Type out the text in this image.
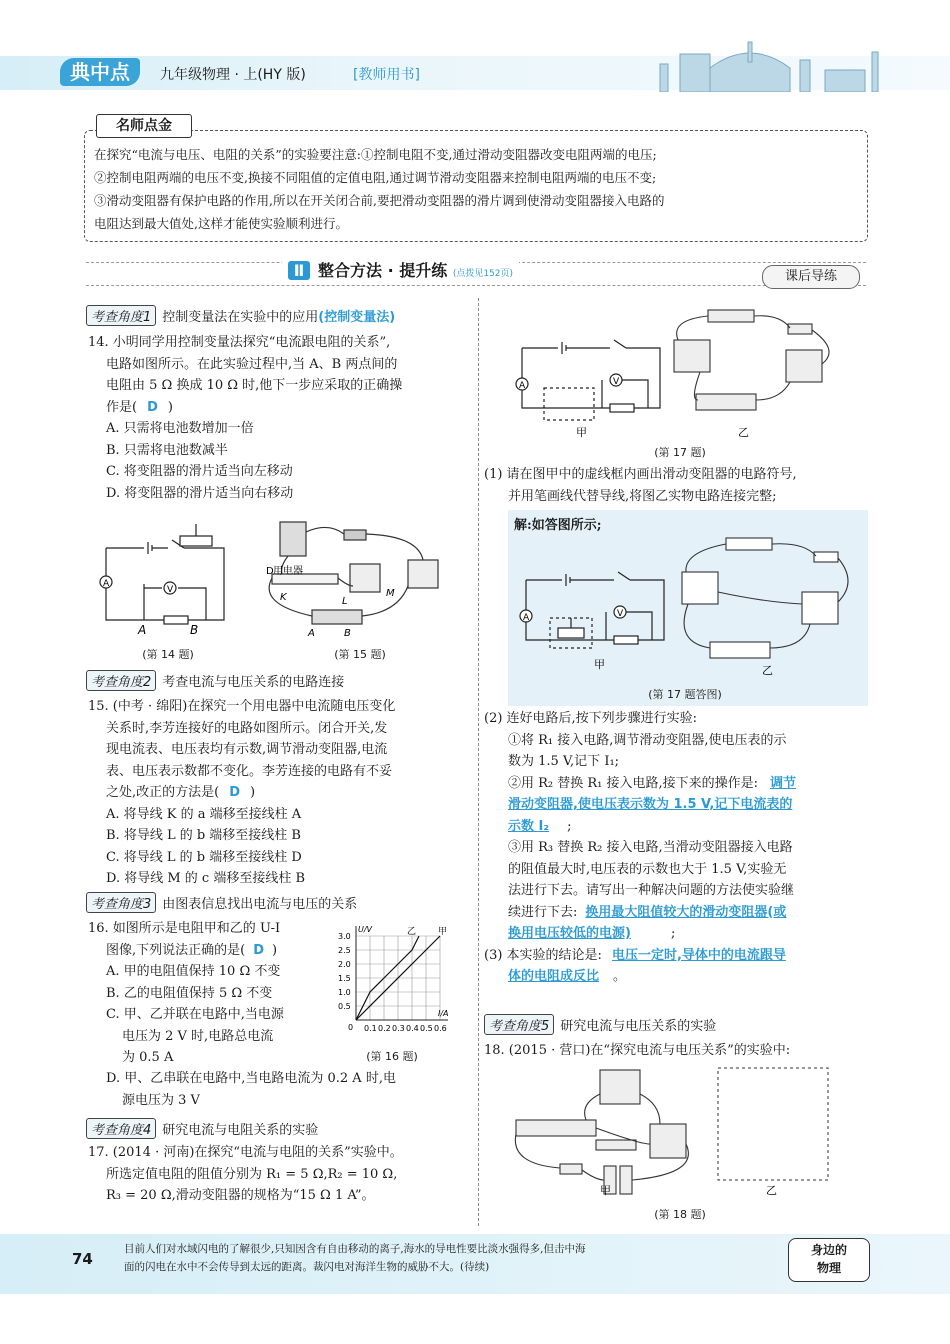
典中点	九年级物理 · 上(HY 版)	[教师用书]
名师点金
在探究“电流与电压、电阻的关系”的实验要注意:①控制电阻不变,通过滑动变阻器改变电阻两端的电压;
②控制电阻两端的电压不变,换接不同阻值的定值电阻,通过调节滑动变阻器来控制电阻两端的电压不变;
③滑动变阻器有保护电路的作用,所以在开关闭合前,要把滑动变阻器的滑片调到使滑动变阻器接入电路的
电阻达到最大值处,这样才能使实验顺利进行。
Ⅱ 整合方法 · 提升练 (点拨见152页)	课后导练
考查角度1 控制变量法在实验中的应用(控制变量法)
14. 小明同学用控制变量法探究“电流跟电阻的关系”,
电路如图所示。在此实验过程中,当 A、B 两点间的
电阻由 5 Ω 换成 10 Ω 时,他下一步应采取的正确操
作是( D )
A. 只需将电池数增加一倍
B. 只需将电池数减半
C. 将变阻器的滑片适当向左移动
D. 将变阻器的滑片适当向右移动
A
V
A	B
(第 14 题)
D 用电器
K	L
M
A	B
(第 15 题)
考查角度2 考查电流与电压关系的电路连接
15. (中考 · 绵阳)在探究一个用电器中电流随电压变化
关系时,李芳连接好的电路如图所示。闭合开关,发
现电流表、电压表均有示数,调节滑动变阻器,电流
表、电压表示数都不变化。李芳连接的电路有不妥
之处,改正的方法是( D )
A. 将导线 K 的 a 端移至接线柱 A
B. 将导线 L 的 b 端移至接线柱 B
C. 将导线 L 的 b 端移至接线柱 D
D. 将导线 M 的 c 端移至接线柱 B
考查角度3 由图表信息找出电流与电压的关系
16. 如图所示是电阻甲和乙的 U-I
图像,下列说法正确的是( D )
A. 甲的电阻值保持 10 Ω 不变
B. 乙的电阻值保持 5 Ω 不变
C. 甲、乙并联在电路中,当电源
电压为 2 V 时,电路总电流
为 0.5 A
D. 甲、乙串联在电路中,当电路电流为 0.2 A 时,电
源电压为 3 V
0.1 0.2 0.3 0.4 0.5 0.6
0.5
1.0
1.5
2.0
2.5
3.0
0
I/A
U/V	甲
乙
(第 16 题)
考查角度4 研究电流与电阻关系的实验
17. (2014 · 河南)在探究“电流与电阻的关系”实验中。
所选定值电阻的阻值分别为 R₁ = 5 Ω,R₂ = 10 Ω,
R₃ = 20 Ω,滑动变阻器的规格为“15 Ω 1 A”。
A	V
甲	乙
(第 17 题)
(1) 请在图甲中的虚线框内画出滑动变阻器的电路符号,
并用笔画线代替导线,将图乙实物电路连接完整;
解:如答图所示;
A	V
甲	乙
(第 17 题答图)
(2) 连好电路后,按下列步骤进行实验:
①将 R₁ 接入电路,调节滑动变阻器,使电压表的示
数为 1.5 V,记下 I₁;
②用 R₂ 替换 R₁ 接入电路,接下来的操作是: 调节
滑动变阻器,使电压表示数为 1.5 V,记下电流表的
示数 I₂ ;
③用 R₃ 替换 R₂ 接入电路,当滑动变阻器接入电路
的阻值最大时,电压表的示数也大于 1.5 V,实验无
法进行下去。请写出一种解决问题的方法使实验继
续进行下去: 换用最大阻值较大的滑动变阻器(或
换用电压较低的电源)	;
(3) 本实验的结论是: 电压一定时,导体中的电流跟导
体的电阻成反比 。
考查角度5 研究电流与电压关系的实验
18. (2015 · 营口)在“探究电流与电压关系”的实验中:
甲	乙
(第 18 题)
74
目前人们对水域闪电的了解很少,只知因含有自由移动的离子,海水的导电性要比淡水强得多,但击中海
面的闪电在水中不会传导到太远的距离。裁闪电对海洋生物的威胁不大。(待续)
身边的
物理
